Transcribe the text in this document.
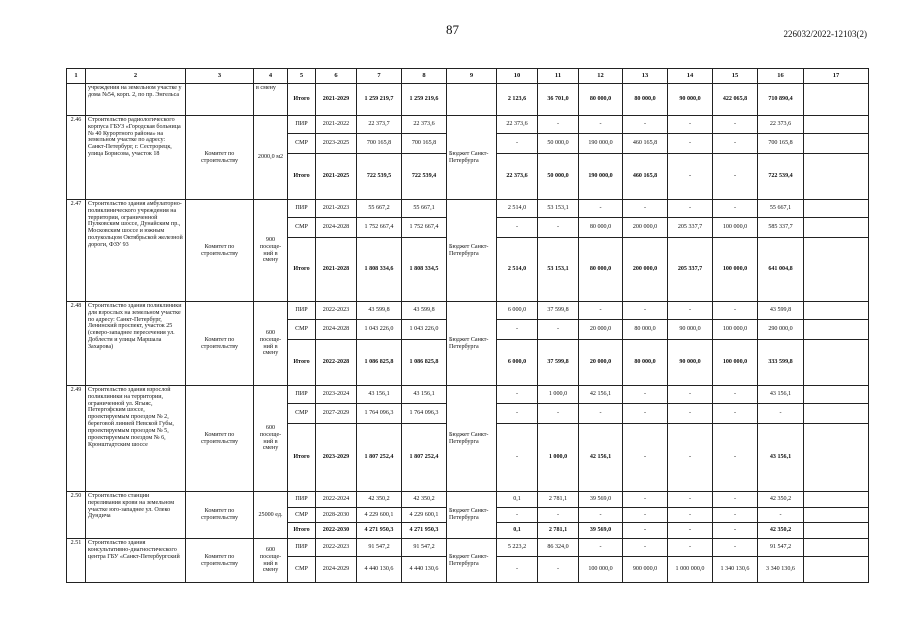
87	226032/2022-12103(2)
1	2	3	4	5	6	7	8	9	10	11	12	13	14	15	16	17
	учреждения на земельном участке у дома №54, корп. 2, по пр. Энгельса		в смену	Итого	2021-2029	1 259 219,7	1 259 219,6		2 123,6	36 701,0	80 000,0	80 000,0	90 000,0	422 065,8	710 890,4	
2.46	Строительство радиологического корпуса ГБУЗ «Городская больница № 40 Курортного района» на земельном участке по адресу: Санкт-Петербург, г. Сестрорецк, улица Борисова, участок 18	Комитет по строительству	2000,0 м2	ПИР	2021-2022	22 373,7	22 373,6	Бюджет Санкт-Петербурга	22 373,6	-	-	-	-	-	22 373,6	
				СМР	2023-2025	700 165,8	700 165,8		-	50 000,0	190 000,0	460 165,8	-	-	700 165,8	
				Итого	2021-2025	722 539,5	722 539,4		22 373,6	50 000,0	190 000,0	460 165,8	-	-	722 539,4	
2.47	Строительство здания амбулаторно-поликлинического учреждения на территории, ограниченной Пулковским шоссе, Дунайским пр., Московским шоссе и южным полукольцом Октябрьской железной дороги, ФЗУ 93	Комитет по строительству	900 посеще-ний в смену	ПИР	2021-2023	55 667,2	55 667,1	Бюджет Санкт-Петербурга	2 514,0	53 153,1	-	-	-	-	55 667,1	
				СМР	2024-2028	1 752 667,4	1 752 667,4		-	-	80 000,0	200 000,0	205 337,7	100 000,0	585 337,7	
				Итого	2021-2028	1 808 334,6	1 808 334,5		2 514,0	53 153,1	80 000,0	200 000,0	205 337,7	100 000,0	641 004,8	
2.48	Строительство здания поликлиники для взрослых на земельном участке по адресу: Санкт-Петербург, Ленинский проспект, участок 25 (северо-западнее пересечения ул. Доблести и улицы Маршала Захарова)	Комитет по строительству	600 посеще-ний в смену	ПИР	2022-2023	43 599,8	43 599,8	Бюджет Санкт-Петербурга	6 000,0	37 599,8	-	-	-	-	43 599,8	
				СМР	2024-2028	1 043 226,0	1 043 226,0		-	-	20 000,0	80 000,0	90 000,0	100 000,0	290 000,0	
				Итого	2022-2028	1 086 825,8	1 086 825,8		6 000,0	37 599,8	20 000,0	80 000,0	90 000,0	100 000,0	333 599,8	
2.49	Строительство здания взрослой поликлиники на территории, ограниченной ул. Ягыяс, Петергофским шоссе, проектируемым проездом № 2, береговой линией Невской Губы, проектируемым проездом № 5, проектируемым поездом № 6, Кронштадтским шоссе	Комитет по строительству	600 посеще-ний в смену	ПИР	2023-2024	43 156,1	43 156,1	Бюджет Санкт-Петербурга	-	1 000,0	42 156,1	-	-	-	43 156,1	
				СМР	2027-2029	1 764 096,3	1 764 096,3		-	-	-	-	-	-	-	
				Итого	2023-2029	1 807 252,4	1 807 252,4		-	1 000,0	42 156,1	-	-	-	43 156,1	
2.50	Строительство станции переливания крови на земельном участке юго-западнее ул. Олеко Дундича	Комитет по строительству	25000 ед.	ПИР	2022-2024	42 350,2	42 350,2	Бюджет Санкт-Петербурга	0,1	2 781,1	39 569,0	-	-	-	42 350,2	
				СМР	2028-2030	4 229 600,1	4 229 600,1		-	-	-	-	-	-	-	
				Итого	2022-2030	4 271 950,3	4 271 950,3		0,1	2 781,1	39 569,0	-	-	-	42 350,2	
2.51	Строительство здания консультативно-диагностического центра ГБУ «Санкт-Петербургский	Комитет по строительству	600 посеще-ний в смену	ПИР	2022-2023	91 547,2	91 547,2	Бюджет Санкт-Петербурга	5 223,2	86 324,0	-	-	-	-	91 547,2	
				СМР	2024-2029	4 440 130,6	4 440 130,6		-	-	100 000,0	900 000,0	1 000 000,0	1 340 130,6	3 340 130,6	
